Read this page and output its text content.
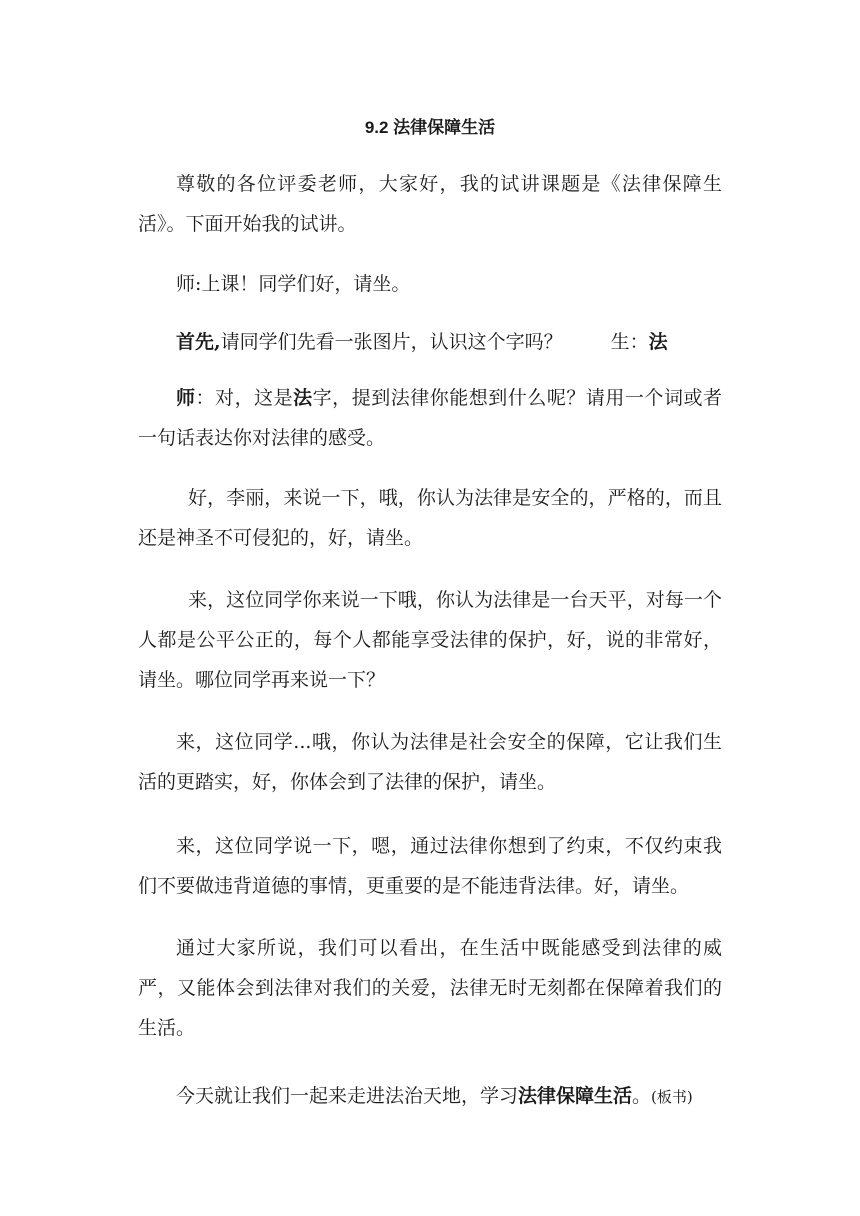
9.2 法律保障生活

尊敬的各位评委老师，大家好，我的试讲课题是《法律保障生活》。下面开始我的试讲。

师:上课！同学们好，请坐。

首先,请同学们先看一张图片，认识这个字吗？	生：法

师：对，这是法字，提到法律你能想到什么呢？请用一个词或者一句话表达你对法律的感受。

好，李丽，来说一下，哦，你认为法律是安全的，严格的，而且还是神圣不可侵犯的，好，请坐。

来，这位同学你来说一下哦，你认为法律是一台天平，对每一个人都是公平公正的，每个人都能享受法律的保护，好，说的非常好，请坐。哪位同学再来说一下？

来，这位同学...哦，你认为法律是社会安全的保障，它让我们生活的更踏实，好，你体会到了法律的保护，请坐。

来，这位同学说一下，嗯，通过法律你想到了约束，不仅约束我们不要做违背道德的事情，更重要的是不能违背法律。好，请坐。

通过大家所说，我们可以看出，在生活中既能感受到法律的威严，又能体会到法律对我们的关爱，法律无时无刻都在保障着我们的生活。

今天就让我们一起来走进法治天地，学习法律保障生活。(板书)
